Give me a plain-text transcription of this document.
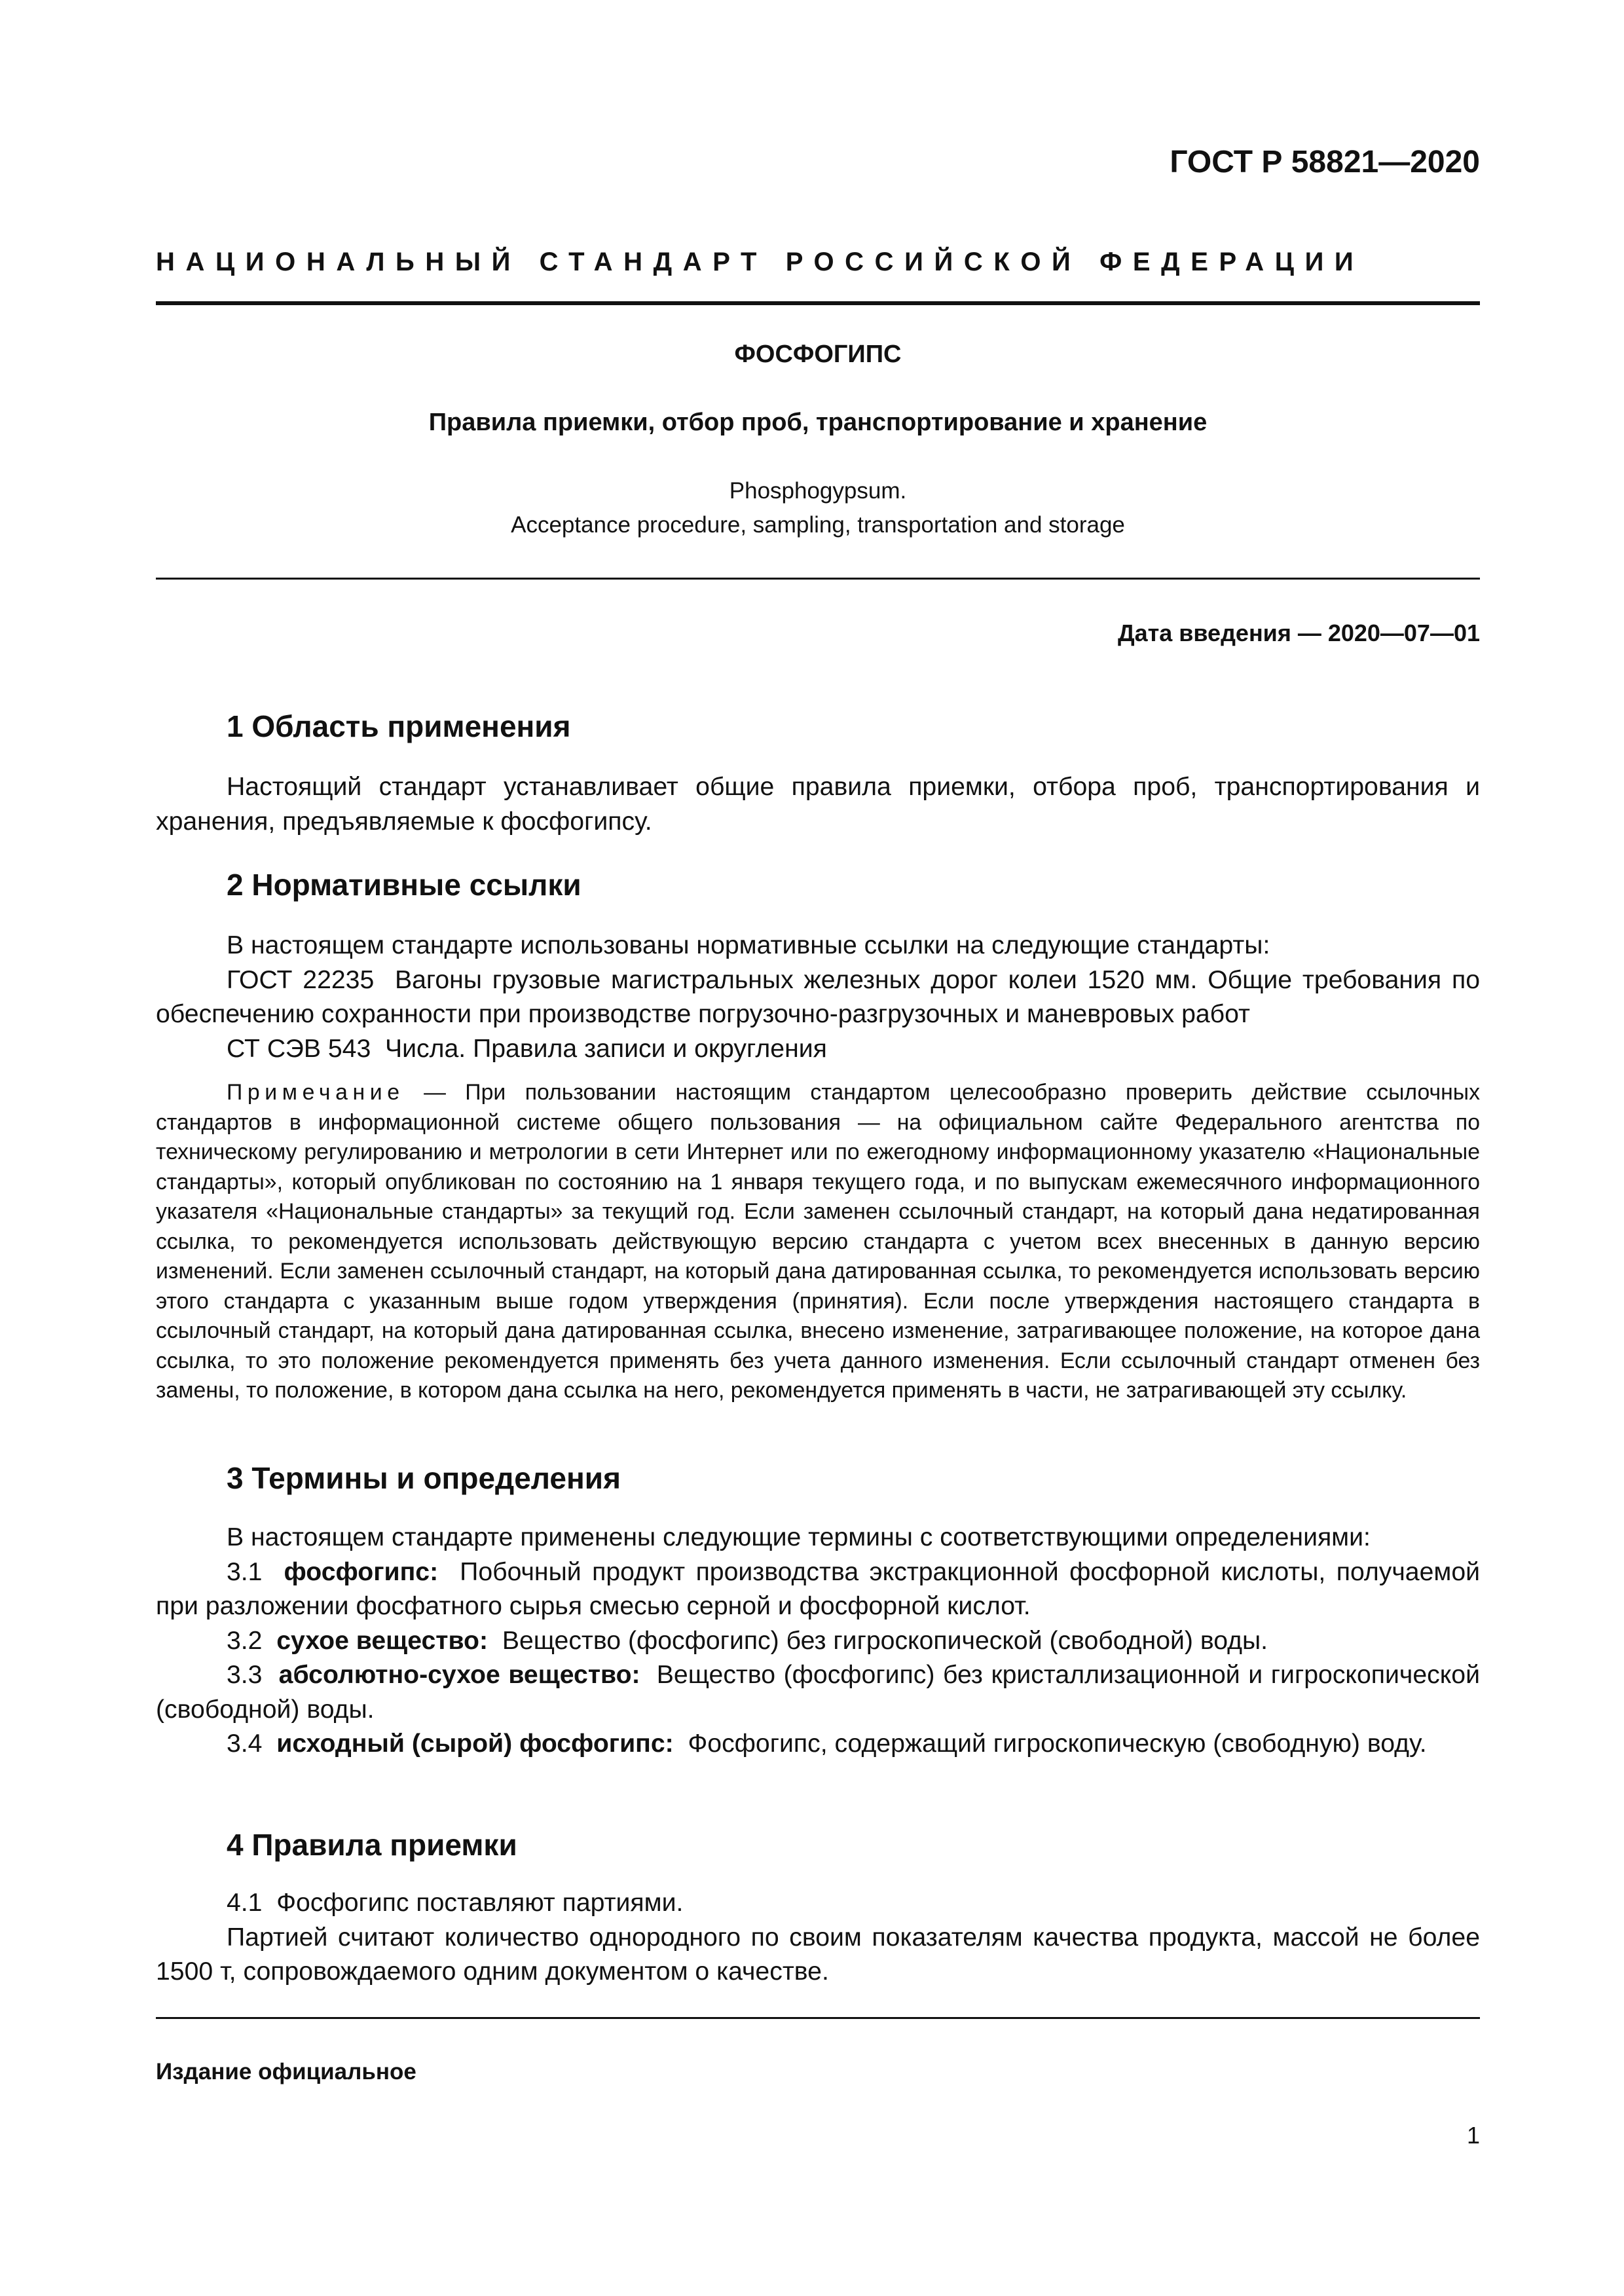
ГОСТ Р 58821—2020
НАЦИОНАЛЬНЫЙ СТАНДАРТ РОССИЙСКОЙ ФЕДЕРАЦИИ
ФОСФОГИПС
Правила приемки, отбор проб, транспортирование и хранение
Phosphogypsum.
Acceptance procedure, sampling, transportation and storage
Дата введения — 2020—07—01
1 Область применения

Настоящий стандарт устанавливает общие правила приемки, отбора проб, транспортирования и хранения, предъявляемые к фосфогипсу.

2 Нормативные ссылки

В настоящем стандарте использованы нормативные ссылки на следующие стандарты:

ГОСТ 22235 Вагоны грузовые магистральных железных дорог колеи 1520 мм. Общие требования по обеспечению сохранности при производстве погрузочно-разгрузочных и маневровых работ

СТ СЭВ 543 Числа. Правила записи и округления

Примечание — При пользовании настоящим стандартом целесообразно проверить действие ссылочных стандартов в информационной системе общего пользования — на официальном сайте Федерального агентства по техническому регулированию и метрологии в сети Интернет или по ежегодному информационному указателю «Национальные стандарты», который опубликован по состоянию на 1 января текущего года, и по выпускам ежемесячного информационного указателя «Национальные стандарты» за текущий год. Если заменен ссылочный стандарт, на который дана недатированная ссылка, то рекомендуется использовать действующую версию стандарта с учетом всех внесенных в данную версию изменений. Если заменен ссылочный стандарт, на который дана датированная ссылка, то рекомендуется использовать версию этого стандарта с указанным выше годом утверждения (принятия). Если после утверждения настоящего стандарта в ссылочный стандарт, на который дана датированная ссылка, внесено изменение, затрагивающее положение, на которое дана ссылка, то это положение рекомендуется применять без учета данного изменения. Если ссылочный стандарт отменен без замены, то положение, в котором дана ссылка на него, рекомендуется применять в части, не затрагивающей эту ссылку.

3 Термины и определения

В настоящем стандарте применены следующие термины с соответствующими определениями:

3.1 фосфогипс: Побочный продукт производства экстракционной фосфорной кислоты, получаемой при разложении фосфатного сырья смесью серной и фосфорной кислот.

3.2 сухое вещество: Вещество (фосфогипс) без гигроскопической (свободной) воды.

3.3 абсолютно-сухое вещество: Вещество (фосфогипс) без кристаллизационной и гигроскопической (свободной) воды.

3.4 исходный (сырой) фосфогипс: Фосфогипс, содержащий гигроскопическую (свободную) воду.

4 Правила приемки

4.1 Фосфогипс поставляют партиями.

Партией считают количество однородного по своим показателям качества продукта, массой не более 1500 т, сопровождаемого одним документом о качестве.

Издание официальное
1
